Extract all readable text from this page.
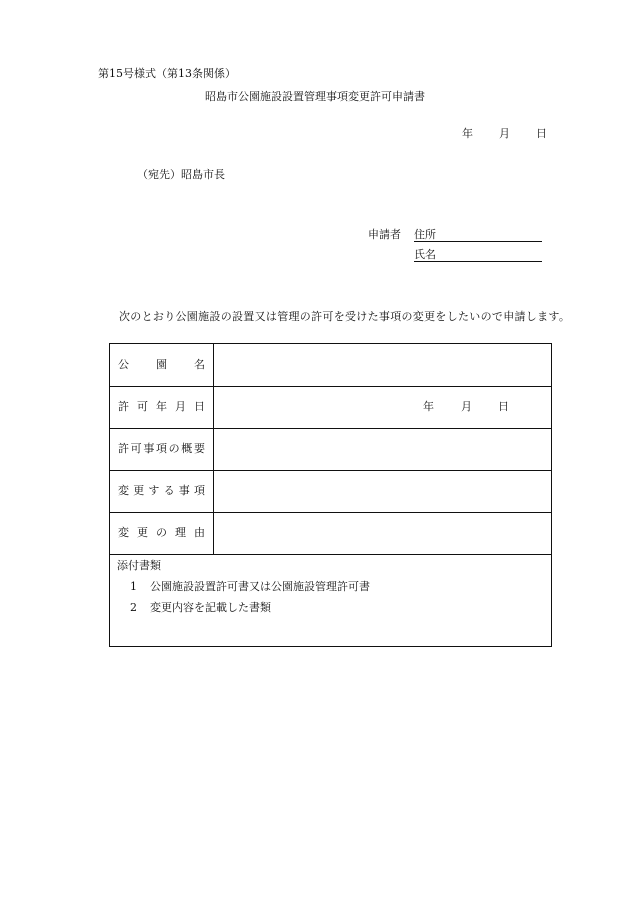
第15号様式（第13条関係）
昭島市公園施設設置管理事項変更許可申請書
年 月 日
（宛先）昭島市長
申請者 住所
氏名
次のとおり公園施設の設置又は管理の許可を受けた事項の変更をしたいので申請します。
公 園 名
許 可 年 月 日	年 月 日
許 可 事 項 の 概 要
変 更 す る 事 項
変 更 の 理 由
添付書類
1 公園施設設置許可書又は公園施設管理許可書
2 変更内容を記載した書類
